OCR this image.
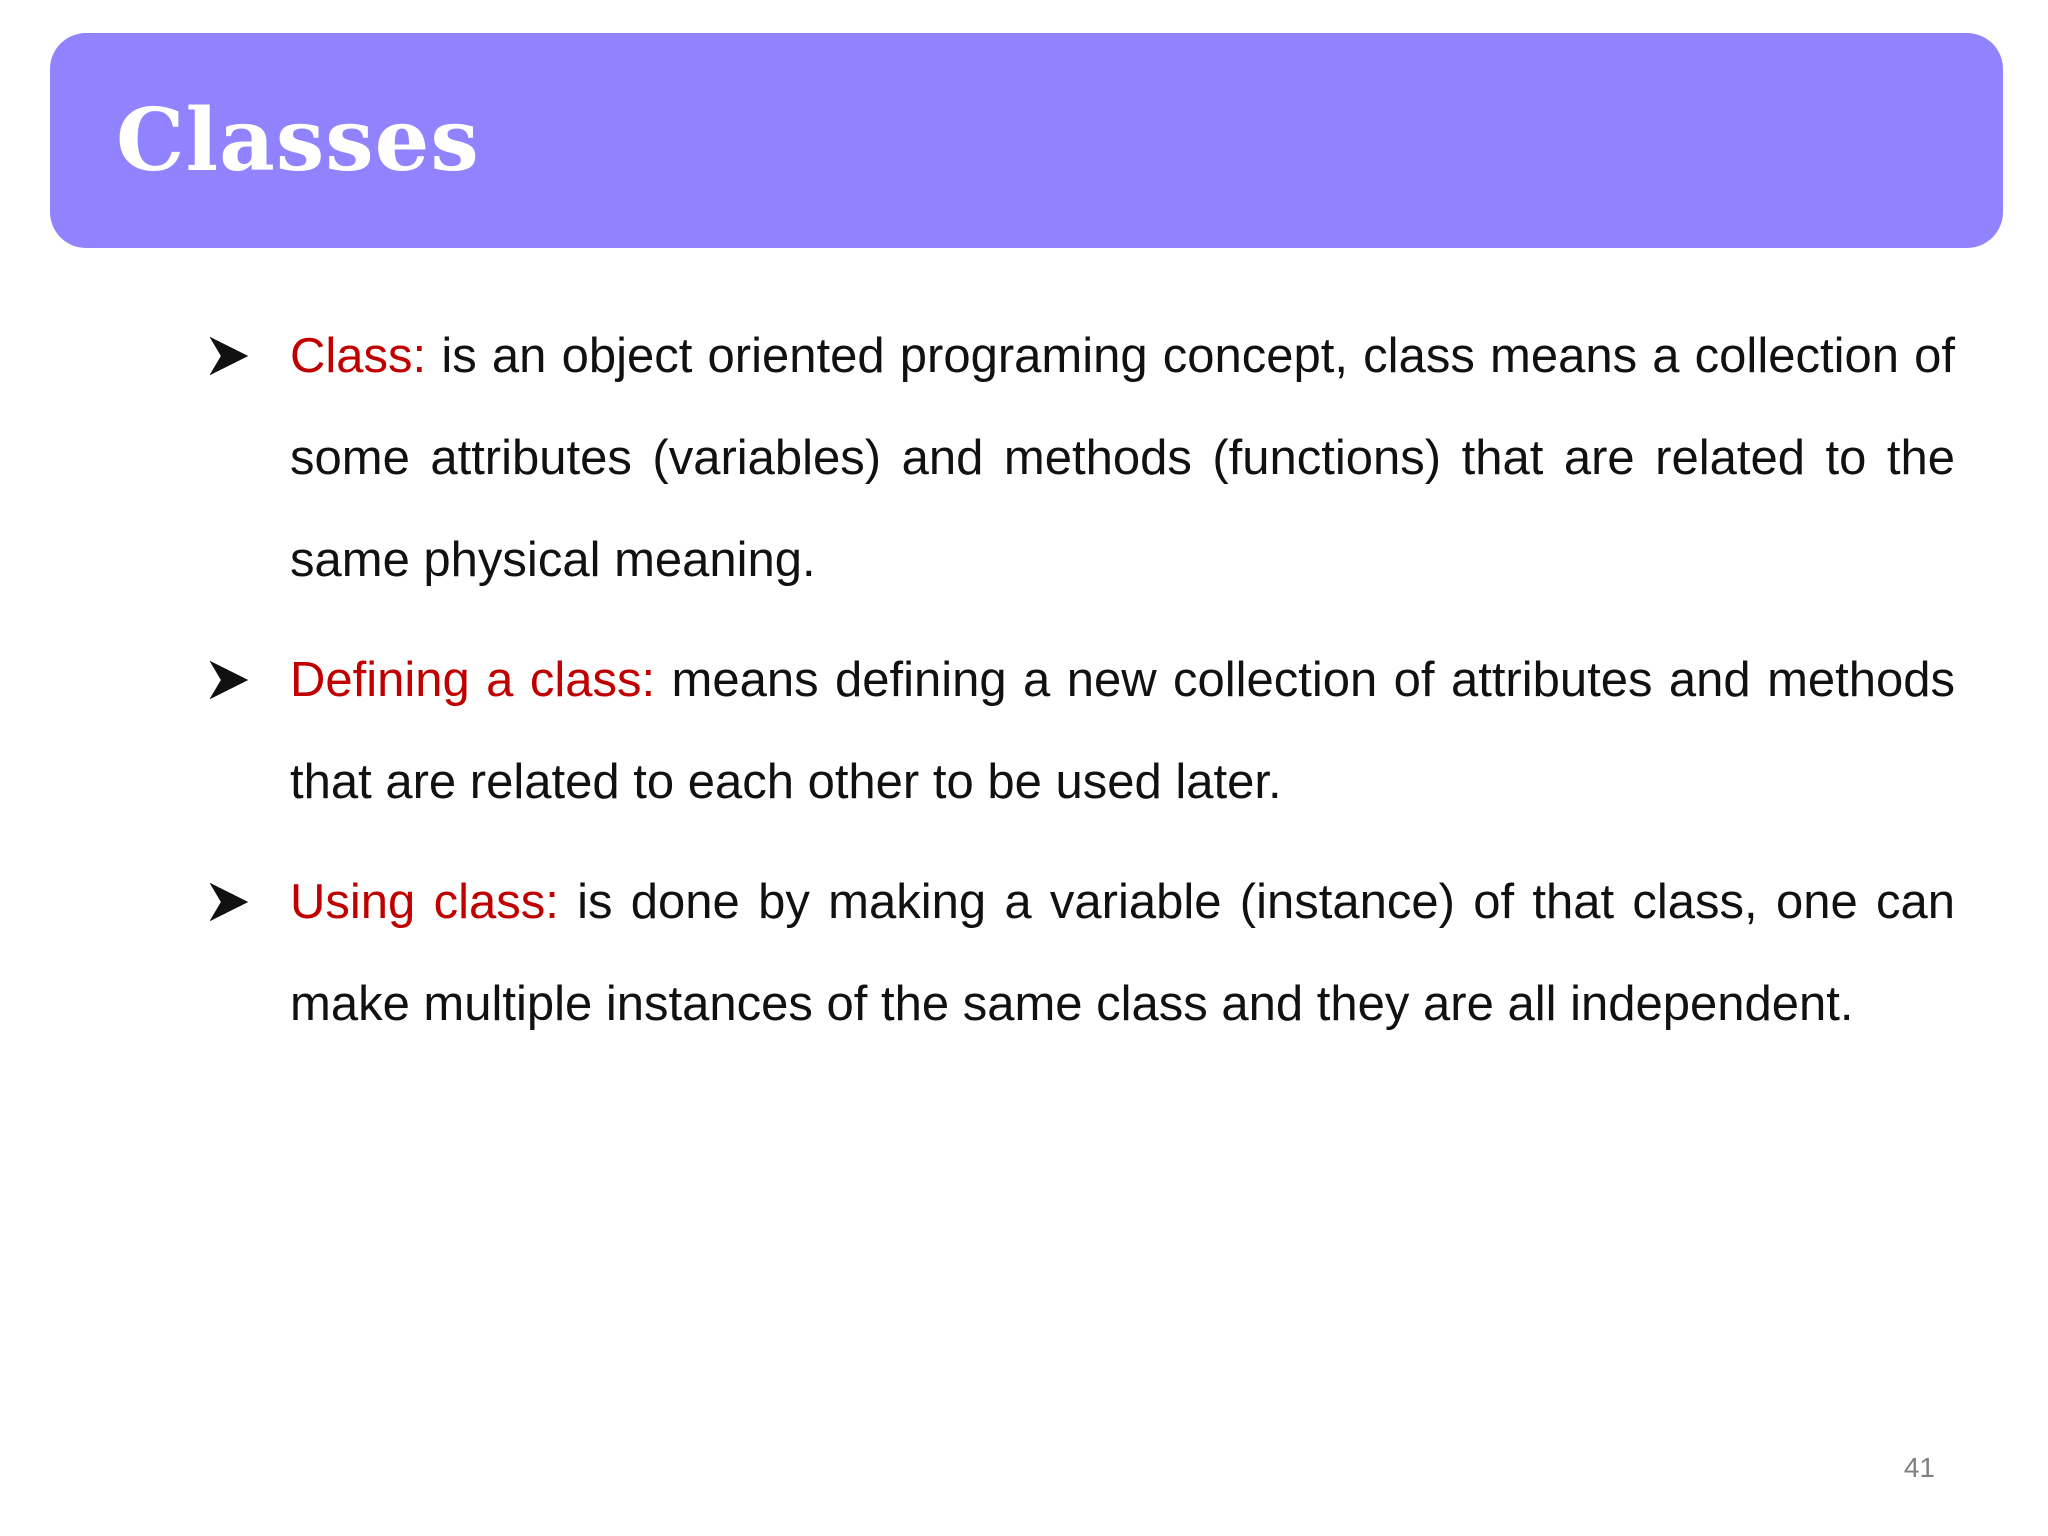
Classes
Class: is an object oriented programing concept, class means a collection of some attributes (variables) and methods (functions) that are related to the same physical meaning.
Defining a class: means defining a new collection of attributes and methods that are related to each other to be used later.
Using class: is done by making a variable (instance) of that class, one can make multiple instances of the same class and they are all independent.
41
